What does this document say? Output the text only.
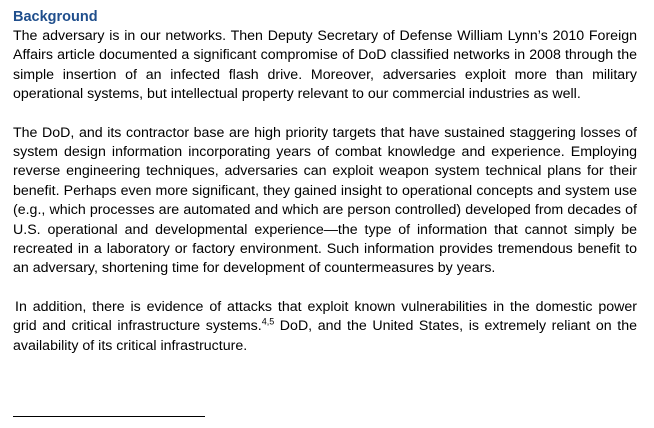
Background

The adversary is in our networks. Then Deputy Secretary of Defense William Lynn’s 2010 Foreign Affairs article documented a significant compromise of DoD classified networks in 2008 through the simple insertion of an infected flash drive. Moreover, adversaries exploit more than military operational systems, but intellectual property relevant to our commercial industries as well.

The DoD, and its contractor base are high priority targets that have sustained staggering losses of system design information incorporating years of combat knowledge and experience. Employing reverse engineering techniques, adversaries can exploit weapon system technical plans for their benefit. Perhaps even more significant, they gained insight to operational concepts and system use (e.g., which processes are automated and which are person controlled) developed from decades of U.S. operational and developmental experience—the type of information that cannot simply be recreated in a laboratory or factory environment. Such information provides tremendous benefit to an adversary, shortening time for development of countermeasures by years.

In addition, there is evidence of attacks that exploit known vulnerabilities in the domestic power grid and critical infrastructure systems.$^{4,5}$ DoD, and the United States, is extremely reliant on the availability of its critical infrastructure.
